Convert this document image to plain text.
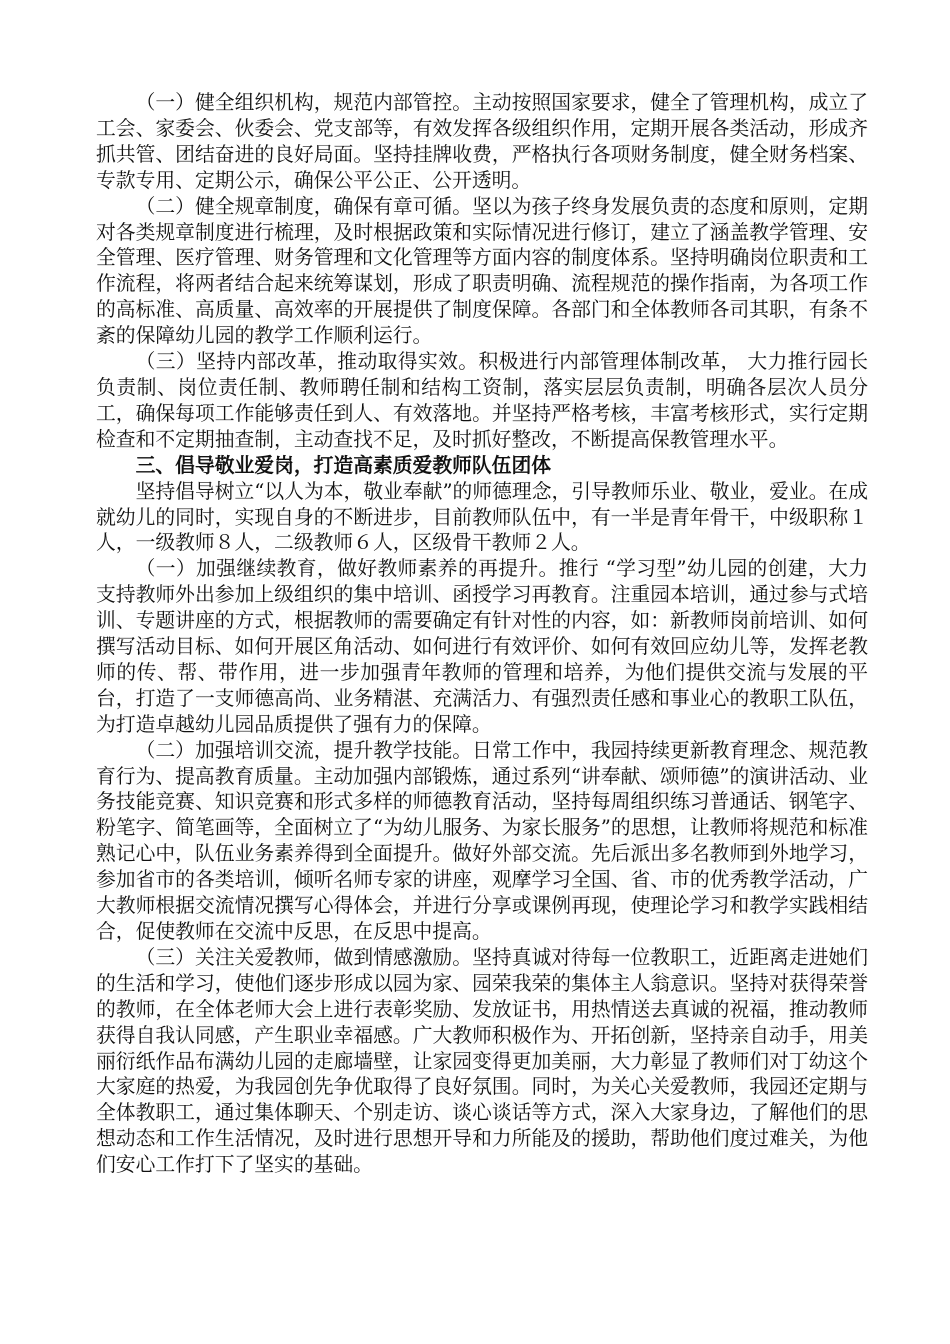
（一）健全组织机构，规范内部管控。主动按照国家要求，健全了管理机构，成立了工会、家委会、伙委会、党支部等，有效发挥各级组织作用，定期开展各类活动，形成齐抓共管、团结奋进的良好局面。坚持挂牌收费，严格执行各项财务制度，健全财务档案、专款专用、定期公示，确保公平公正、公开透明。

（二）健全规章制度，确保有章可循。坚以为孩子终身发展负责的态度和原则，定期对各类规章制度进行梳理，及时根据政策和实际情况进行修订，建立了涵盖教学管理、安全管理、医疗管理、财务管理和文化管理等方面内容的制度体系。坚持明确岗位职责和工作流程，将两者结合起来统筹谋划，形成了职责明确、流程规范的操作指南，为各项工作的高标准、高质量、高效率的开展提供了制度保障。各部门和全体教师各司其职，有条不紊的保障幼儿园的教学工作顺利运行。

（三）坚持内部改革，推动取得实效。积极进行内部管理体制改革， 大力推行园长负责制、岗位责任制、教师聘任制和结构工资制，落实层层负责制，明确各层次人员分工，确保每项工作能够责任到人、有效落地。并坚持严格考核，丰富考核形式，实行定期检查和不定期抽查制，主动查找不足，及时抓好整改，不断提高保教管理水平。

三、倡导敬业爱岗，打造高素质爱教师队伍团体

坚持倡导树立“以人为本，敬业奉献”的师德理念，引导教师乐业、敬业，爱业。在成就幼儿的同时，实现自身的不断进步，目前教师队伍中，有一半是青年骨干，中级职称１人，一级教师８人，二级教师６人，区级骨干教师２人。

（一）加强继续教育，做好教师素养的再提升。推行 “学习型”幼儿园的创建，大力支持教师外出参加上级组织的集中培训、函授学习再教育。注重园本培训，通过参与式培训、专题讲座的方式，根据教师的需要确定有针对性的内容，如：新教师岗前培训、如何撰写活动目标、如何开展区角活动、如何进行有效评价、如何有效回应幼儿等，发挥老教师的传、帮、带作用，进一步加强青年教师的管理和培养，为他们提供交流与发展的平台，打造了一支师德高尚、业务精湛、充满活力、有强烈责任感和事业心的教职工队伍，为打造卓越幼儿园品质提供了强有力的保障。

（二）加强培训交流，提升教学技能。日常工作中，我园持续更新教育理念、规范教育行为、提高教育质量。主动加强内部锻炼，通过系列“讲奉献、颂师德”的演讲活动、业务技能竞赛、知识竞赛和形式多样的师德教育活动，坚持每周组织练习普通话、钢笔字、粉笔字、简笔画等，全面树立了“为幼儿服务、为家长服务”的思想，让教师将规范和标准熟记心中，队伍业务素养得到全面提升。做好外部交流。先后派出多名教师到外地学习，参加省市的各类培训，倾听名师专家的讲座，观摩学习全国、省、市的优秀教学活动，广大教师根据交流情况撰写心得体会，并进行分享或课例再现，使理论学习和教学实践相结合，促使教师在交流中反思，在反思中提高。

（三）关注关爱教师，做到情感激励。坚持真诚对待每一位教职工，近距离走进她们的生活和学习，使他们逐步形成以园为家、园荣我荣的集体主人翁意识。坚持对获得荣誉的教师，在全体老师大会上进行表彰奖励、发放证书，用热情送去真诚的祝福，推动教师获得自我认同感，产生职业幸福感。广大教师积极作为、开拓创新，坚持亲自动手，用美丽衍纸作品布满幼儿园的走廊墙壁，让家园变得更加美丽，大力彰显了教师们对丁幼这个大家庭的热爱，为我园创先争优取得了良好氛围。同时，为关心关爱教师，我园还定期与全体教职工，通过集体聊天、个别走访、谈心谈话等方式，深入大家身边，了解他们的思想动态和工作生活情况，及时进行思想开导和力所能及的援助，帮助他们度过难关，为他们安心工作打下了坚实的基础。
